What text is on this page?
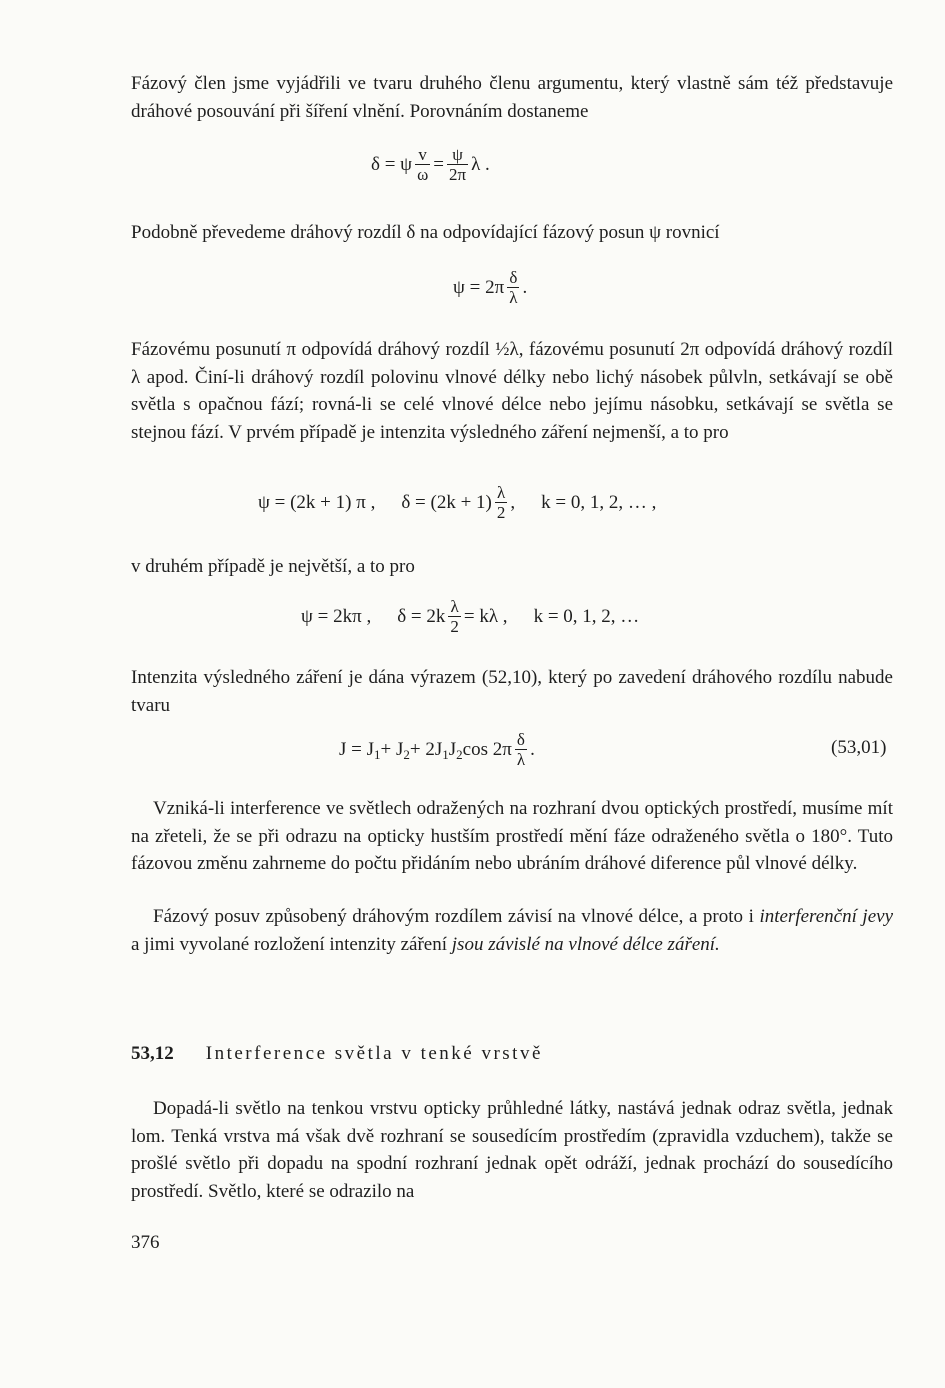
Fázový člen jsme vyjádřili ve tvaru druhého členu argumentu, který vlastně sám též představuje dráhové posouvání při šíření vlnění. Porovnáním dostaneme

δ = ψ $\frac{v}{\omega} = \frac{\psi}{2\pi}$ λ .

Podobně převedeme dráhový rozdíl δ na odpovídající fázový posun ψ rovnicí

$\psi = 2\pi \frac{\delta}{\lambda}$ .

Fázovému posunutí π odpovídá dráhový rozdíl ½λ, fázovému posunutí 2π odpovídá dráhový rozdíl λ apod. Činí-li dráhový rozdíl polovinu vlnové délky nebo lichý násobek půlvln, setkávají se obě světla s opačnou fází; rovná-li se celé vlnové délce nebo jejímu násobku, setkávají se světla se stejnou fází. V prvém případě je intenzita výsledného záření nejmenší, a to pro

ψ = (2k + 1) π , $\delta = (2k + 1) \frac{\lambda}{2}$ , k = 0, 1, 2, … ,

v druhém případě je největší, a to pro

ψ = 2kπ , $\delta = 2k \frac{\lambda}{2} = k\lambda$ , k = 0, 1, 2, …

Intenzita výsledného záření je dána výrazem (52,10), který po zavedení dráhového rozdílu nabude tvaru

J = J 1 + J 2 + 2J 1 J 2 $\cos 2\pi \frac{\delta}{\lambda}$ .	(53,01)

Vzniká-li interference ve světlech odražených na rozhraní dvou optických prostředí, musíme mít na zřeteli, že se při odrazu na opticky hustším prostředí mění fáze odraženého světla o 180°. Tuto fázovou změnu zahrneme do počtu přidáním nebo ubráním dráhové diference půl vlnové délky.

Fázový posuv způsobený dráhovým rozdílem závisí na vlnové délce, a proto i interferenční jevy a jimi vyvolané rozložení intenzity záření jsou závislé na vlnové délce záření.

53,12 Interference světla v tenké vrstvě

Dopadá-li světlo na tenkou vrstvu opticky průhledné látky, nastává jednak odraz světla, jednak lom. Tenká vrstva má však dvě rozhraní se sousedícím prostředím (zpravidla vzduchem), takže se prošlé světlo při dopadu na spodní rozhraní jednak opět odráží, jednak prochází do sousedícího prostředí. Světlo, které se odrazilo na

376
